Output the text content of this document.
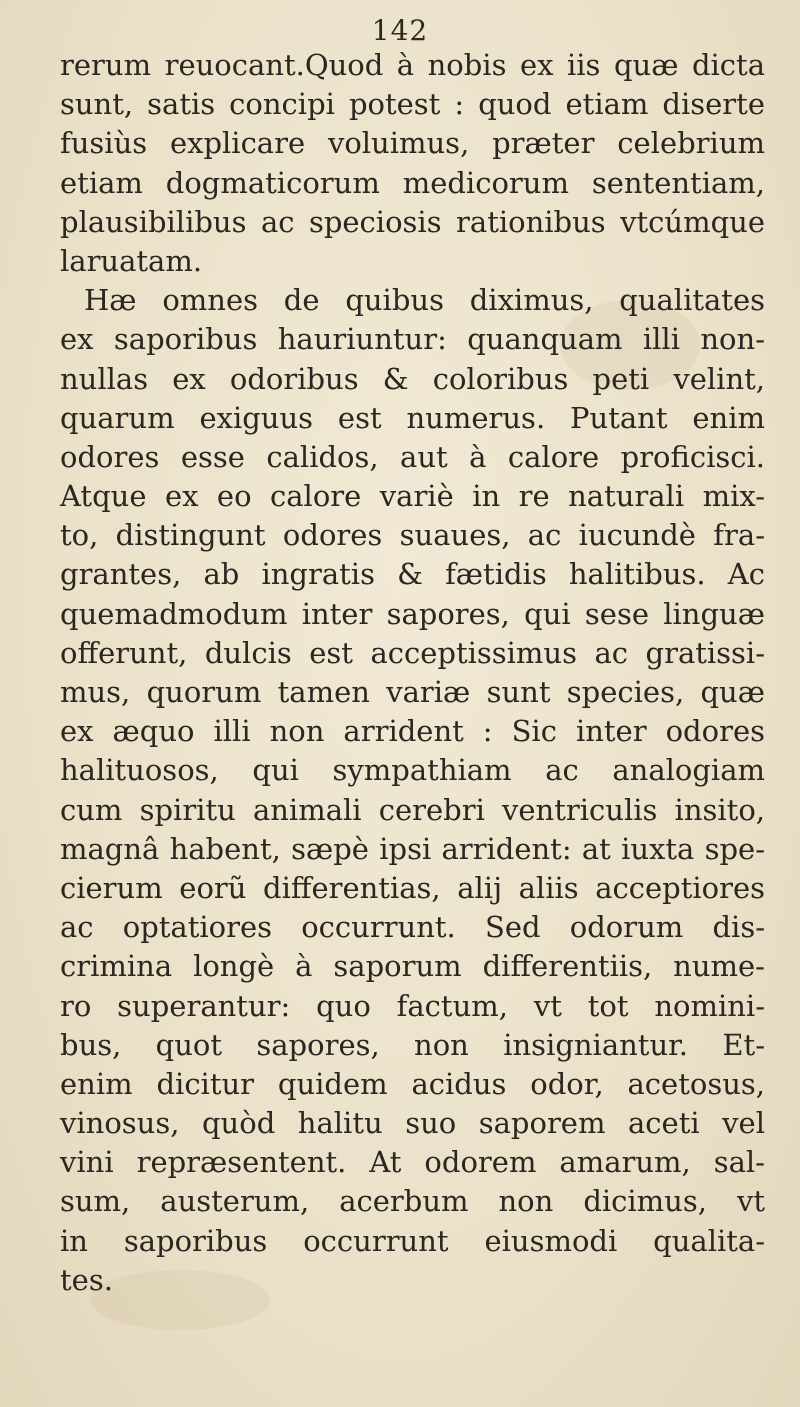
142
rerum reuocant.Quod à nobis ex iis quæ dicta
sunt, satis concipi potest : quod etiam diserte
fusiùs explicare voluimus, præter celebrium
etiam dogmaticorum medicorum sententiam,
plausibilibus ac speciosis rationibus vtcúmque
laruatam.
Hæ omnes de quibus diximus, qualitates
ex saporibus hauriuntur: quanquam illi non-
nullas ex odoribus & coloribus peti velint,
quarum exiguus est numerus. Putant enim
odores esse calidos, aut à calore proficisci.
Atque ex eo calore variè in re naturali mix-
to, distingunt odores suaues, ac iucundè fra-
grantes, ab ingratis & fætidis halitibus. Ac
quemadmodum inter sapores, qui sese linguæ
offerunt, dulcis est acceptissimus ac gratissi-
mus, quorum tamen variæ sunt species, quæ
ex æquo illi non arrident : Sic inter odores
halituosos, qui sympathiam ac analogiam
cum spiritu animali cerebri ventriculis insito,
magnâ habent, sæpè ipsi arrident: at iuxta spe-
cierum eorũ differentias, alij aliis acceptiores
ac optatiores occurrunt. Sed odorum dis-
crimina longè à saporum differentiis, nume-
ro superantur: quo factum, vt tot nomini-
bus, quot sapores, non insigniantur. Et-
enim dicitur quidem acidus odor, acetosus,
vinosus, quòd halitu suo saporem aceti vel
vini repræsentent. At odorem amarum, sal-
sum, austerum, acerbum non dicimus, vt
in saporibus occurrunt eiusmodi qualita-
tes.
